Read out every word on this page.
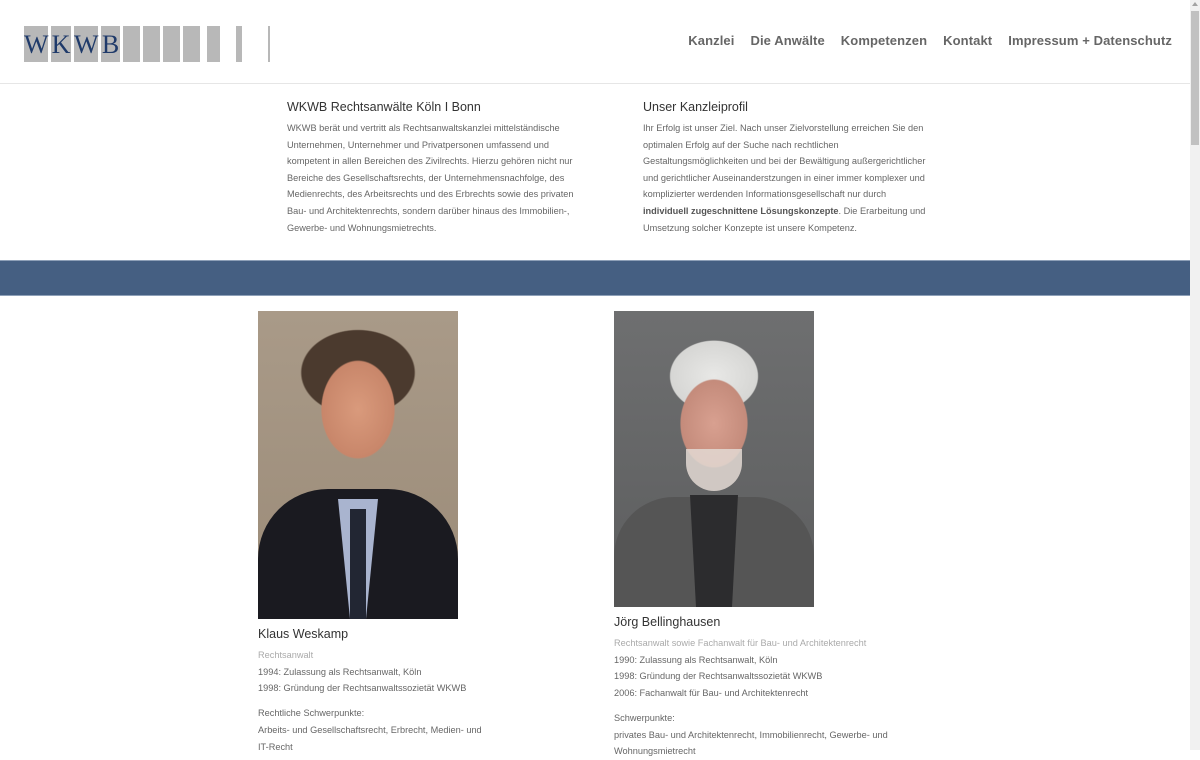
W K W B	Kanzlei Die Anwälte Kompetenzen Kontakt Impressum + Datenschutz
WKWB Rechtsanwälte Köln I Bonn

WKWB berät und vertritt als Rechtsanwaltskanzlei mittelständische Unternehmen, Unternehmer und Privatpersonen umfassend und kompetent in allen Bereichen des Zivilrechts. Hierzu gehören nicht nur Bereiche des Gesellschaftsrechts, der Unternehmensnachfolge, des Medienrechts, des Arbeitsrechts und des Erbrechts sowie des privaten Bau- und Architektenrechts, sondern darüber hinaus des Immobilien-, Gewerbe- und Wohnungsmietrechts.

Unser Kanzleiprofil

Ihr Erfolg ist unser Ziel. Nach unser Zielvorstellung erreichen Sie den optimalen Erfolg auf der Suche nach rechtlichen Gestaltungsmöglichkeiten und bei der Bewältigung außergerichtlicher und gerichtlicher Auseinanderstzungen in einer immer komplexer und komplizierter werdenden Informationsgesellschaft nur durch individuell zugeschnittene Lösungskonzepte. Die Erarbeitung und Umsetzung solcher Konzepte ist unsere Kompetenz.

Klaus Weskamp
Rechtsanwalt
1994: Zulassung als Rechtsanwalt, Köln
1998: Gründung der Rechtsanwaltssozietät WKWB
Rechtliche Schwerpunkte:
Arbeits- und Gesellschaftsrecht, Erbrecht, Medien- und
IT-Recht
Jörg Bellinghausen
Rechtsanwalt sowie Fachanwalt für Bau- und Architektenrecht
1990: Zulassung als Rechtsanwalt, Köln
1998: Gründung der Rechtsanwaltssozietät WKWB
2006: Fachanwalt für Bau- und Architektenrecht
Schwerpunkte:
privates Bau- und Architektenrecht, Immobilienrecht, Gewerbe- und
Wohnungsmietrecht
